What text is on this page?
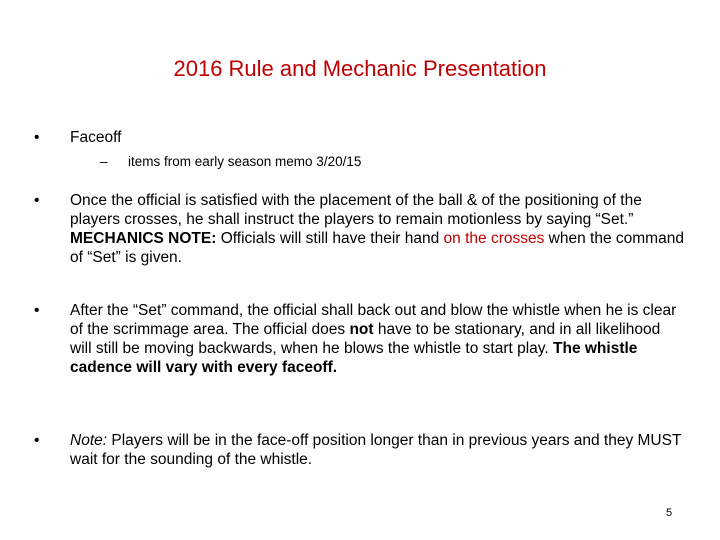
2016 Rule and Mechanic Presentation
• Faceoff
– items from early season memo 3/20/15
• Once the official is satisfied with the placement of the ball & of the positioning of the players crosses, he shall instruct the players to remain motionless by saying “Set.” MECHANICS NOTE: Officials will still have their hand on the crosses when the command of “Set” is given.
• After the “Set” command, the official shall back out and blow the whistle when he is clear of the scrimmage area. The official does not have to be stationary, and in all likelihood will still be moving backwards, when he blows the whistle to start play. The whistle cadence will vary with every faceoff.
• Note: Players will be in the face-off position longer than in previous years and they MUST wait for the sounding of the whistle.
5
